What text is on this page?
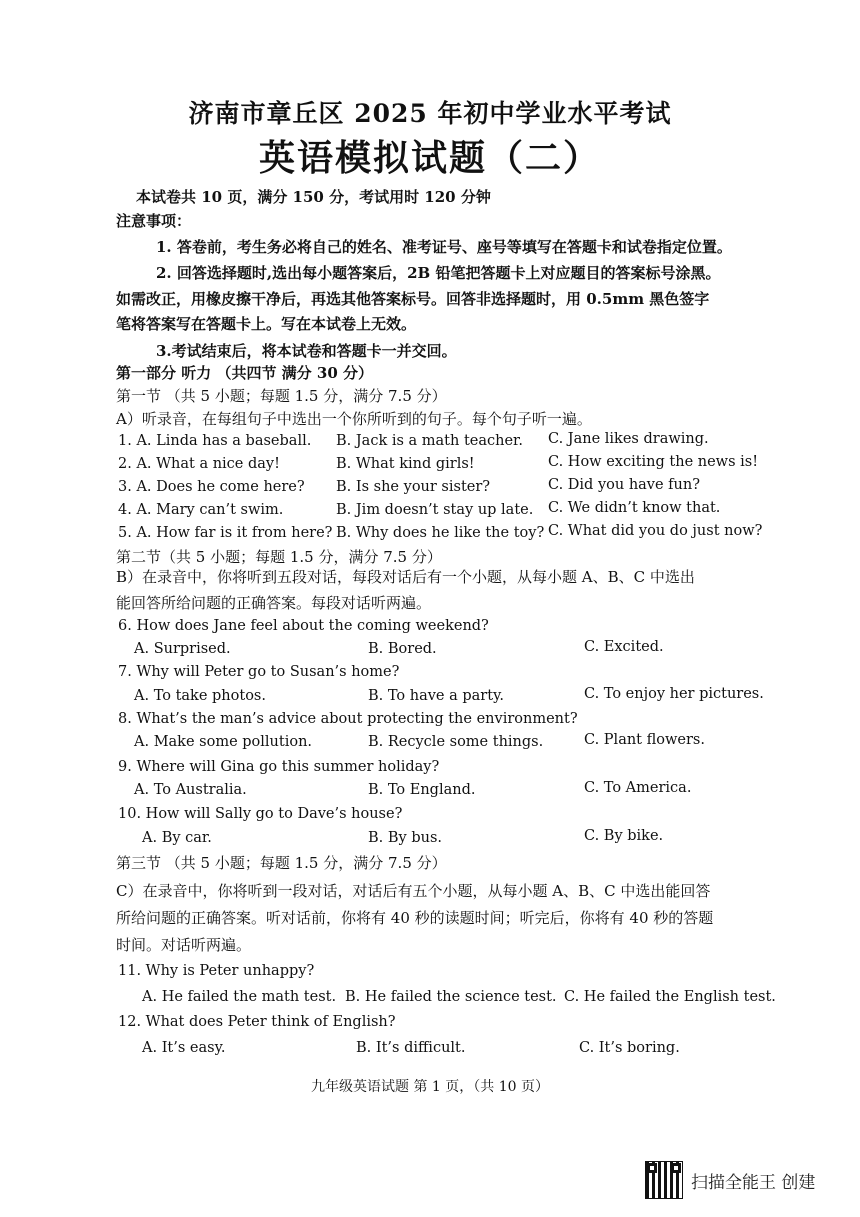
济南市章丘区 2025 年初中学业水平考试
英语模拟试题（二）
本试卷共 10 页，满分 150 分，考试用时 120 分钟
注意事项：
1. 答卷前，考生务必将自己的姓名、准考证号、座号等填写在答题卡和试卷指定位置。
2. 回答选择题时,选出每小题答案后，2B 铅笔把答题卡上对应题目的答案标号涂黑。
如需改正，用橡皮擦干净后，再选其他答案标号。回答非选择题时，用 0.5mm 黑色签字
笔将答案写在答题卡上。写在本试卷上无效。
3.考试结束后，将本试卷和答题卡一并交回。
第一部分 听力 （共四节 满分 30 分）
第一节 （共 5 小题；每题 1.5 分，满分 7.5 分）
A）听录音，在每组句子中选出一个你所听到的句子。每个句子听一遍。
1. A. Linda has a baseball. B. Jack is a math teacher. C. Jane likes drawing.
2. A. What a nice day!	B. What kind girls!	C. How exciting the news is!
3. A. Does he come here? B. Is she your sister?	C. Did you have fun?
4. A. Mary can’t swim.	B. Jim doesn’t stay up late. C. We didn’t know that.
5. A. How far is it from here? B. Why does he like the toy? C. What did you do just now?
第二节（共 5 小题；每题 1.5 分，满分 7.5 分）
B）在录音中，你将听到五段对话，每段对话后有一个小题，从每小题 A、B、C 中选出
能回答所给问题的正确答案。每段对话听两遍。
6. How does Jane feel about the coming weekend?
A. Surprised.	B. Bored.	C. Excited.
7. Why will Peter go to Susan’s home?
A. To take photos.	B. To have a party.	C. To enjoy her pictures.
8. What’s the man’s advice about protecting the environment?
A. Make some pollution.	B. Recycle some things.	C. Plant flowers.
9. Where will Gina go this summer holiday?
A. To Australia.	B. To England.	C. To America.
10. How will Sally go to Dave’s house?
A. By car.	B. By bus.	C. By bike.
第三节 （共 5 小题；每题 1.5 分，满分 7.5 分）
C）在录音中，你将听到一段对话，对话后有五个小题，从每小题 A、B、C 中选出能回答
所给问题的正确答案。听对话前，你将有 40 秒的读题时间；听完后，你将有 40 秒的答题
时间。对话听两遍。
11. Why is Peter unhappy?
A. He failed the math test. B. He failed the science test. C. He failed the English test.
12. What does Peter think of English?
A. It’s easy.	B. It’s difficult.	C. It’s boring.
九年级英语试题 第 1 页，（共 10 页）
扫描全能王 创建
